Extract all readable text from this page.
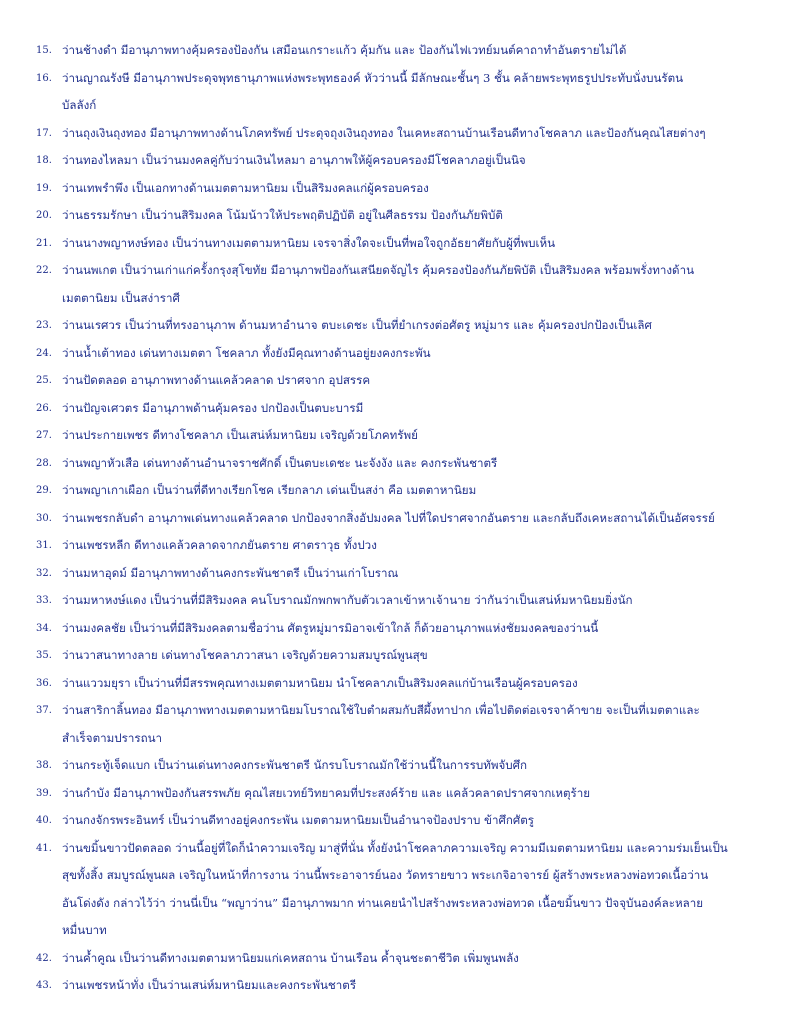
15. ว่านช้างดำ มีอานุภาพทางคุ้มครองป้องกัน เสมือนเกราะแก้ว คุ้มกัน และ ป้องกันไฟเวทย์มนต์คาถาทำอันตรายไม่ได้
16. ว่านญาณรังษี มีอานุภาพประดุจพุทธานุภาพแห่งพระพุทธองค์ หัวว่านนี้ มีลักษณะชั้นๆ 3 ชั้น คล้ายพระพุทธรูปประทับนั่งบนรัตน
บัลลังก์
17. ว่านถุงเงินถุงทอง มีอานุภาพทางด้านโภคทรัพย์ ประดุจถุงเงินถุงทอง ในเคหะสถานบ้านเรือนดีทางโชคลาภ และป้องกันคุณไสยต่างๆ
18. ว่านทองไหลมา เป็นว่านมงคลคู่กับว่านเงินไหลมา อานุภาพให้ผู้ครอบครองมีโชคลาภอยู่เป็นนิจ
19. ว่านเทพรำพึง เป็นเอกทางด้านเมตตามหานิยม เป็นสิริมงคลแก่ผู้ครอบครอง
20. ว่านธรรมรักษา เป็นว่านสิริมงคล โน้มน้าวให้ประพฤติปฏิบัติ อยู่ในศีลธรรม ป้องกันภัยพิบัติ
21. ว่านนางพญาหงษ์ทอง เป็นว่านทางเมตตามหานิยม เจรจาสิ่งใดจะเป็นที่พอใจถูกอัธยาศัยกับผู้ที่พบเห็น
22. ว่านนพเกต เป็นว่านเก่าแก่ครั้งกรุงสุโขทัย มีอานุภาพป้องกันเสนียดจัญไร คุ้มครองป้องกันภัยพิบัติ เป็นสิริมงคล พร้อมพรั่งทางด้าน
เมตตานิยม เป็นสง่าราศี
23. ว่านนเรศวร เป็นว่านที่ทรงอานุภาพ ด้านมหาอำนาจ ตบะเดชะ เป็นที่ยำเกรงต่อศัตรู หมู่มาร และ คุ้มครองปกป้องเป็นเลิศ
24. ว่านน้ำเต้าทอง เด่นทางเมตตา โชคลาภ ทั้งยังมีคุณทางด้านอยู่ยงคงกระพัน
25. ว่านปัดตลอด อานุภาพทางด้านแคล้วคลาด ปราศจาก อุปสรรค
26. ว่านปัญจเศวตร มีอานุภาพด้านคุ้มครอง ปกป้องเป็นตบะบารมี
27. ว่านประกายเพชร ดีทางโชคลาภ เป็นเสน่ห์มหานิยม เจริญด้วยโภคทรัพย์
28. ว่านพญาหัวเสือ เด่นทางด้านอำนาจราชศักดิ์ เป็นตบะเดชะ นะจังงัง และ คงกระพันชาตรี
29. ว่านพญาเกาเผือก เป็นว่านที่ดีทางเรียกโชค เรียกลาภ เด่นเป็นสง่า คือ เมตตาหานิยม
30. ว่านเพชรกลับดำ อานุภาพเด่นทางแคล้วคลาด ปกป้องจากสิ่งอัปมงคล ไปที่ใดปราศจากอันตราย และกลับถึงเคหะสถานได้เป็นอัศจรรย์
31. ว่านเพชรหลีก ดีทางแคล้วคลาดจากภยันตราย ศาตราวุธ ทั้งปวง
32. ว่านมหาอุดม์ มีอานุภาพทางด้านคงกระพันชาตรี เป็นว่านเก่าโบราณ
33. ว่านมหาหงษ์แดง เป็นว่านที่มีสิริมงคล คนโบราณมักพกพากับตัวเวลาเข้าหาเจ้านาย ว่ากันว่าเป็นเสน่ห์มหานิยมยิ่งนัก
34. ว่านมงคลชัย เป็นว่านที่มีสิริมงคลตามชื่อว่าน ศัตรูหมู่มารมิอาจเข้าใกล้ ก็ด้วยอานุภาพแห่งชัยมงคลของว่านนี้
35. ว่านวาสนาทางลาย เด่นทางโชคลาภวาสนา เจริญด้วยความสมบูรณ์พูนสุข
36. ว่านแววมยุรา เป็นว่านที่มีสรรพคุณทางเมตตามหานิยม นำโชคลาภเป็นสิริมงคลแก่บ้านเรือนผู้ครอบครอง
37. ว่านสาริกาลิ้นทอง มีอานุภาพทางเมตตามหานิยมโบราณใช้ใบตำผสมกับสีผึ้งทาปาก เพื่อไปติดต่อเจรจาค้าขาย จะเป็นที่เมตตาและ
สำเร็จตามปรารถนา
38. ว่านกระทู้เจ็ดแบก เป็นว่านเด่นทางคงกระพันชาตรี นักรบโบราณมักใช้ว่านนี้ในการรบทัพจับศึก
39. ว่านกำบัง มีอานุภาพป้องกันสรรพภัย คุณไสยเวทย์วิทยาคมที่ประสงค์ร้าย และ แคล้วคลาดปราศจากเหตุร้าย
40. ว่านกงจักรพระอินทร์ เป็นว่านดีทางอยู่คงกระพัน เมตตามหานิยมเป็นอำนาจป้องปราบ ข้าศึกศัตรู
41. ว่านขมิ้นขาวปัดตลอด ว่านนี้อยู่ที่ใดก็นำความเจริญ มาสู่ที่นั่น ทั้งยังนำโชคลาภความเจริญ ความมีเมตตามหานิยม และความร่มเย็นเป็น
สุขทั้งสิ้ง สมบูรณ์พูนผล เจริญในหน้าที่การงาน ว่านนี้พระอาจารย์นอง วัดทรายขาว พระเกจิอาจารย์ ผู้สร้างพระหลวงพ่อทวดเนื้อว่าน
อันโด่งดัง กล่าวไว้ว่า ว่านนี่เป็น “พญาว่าน” มีอานุภาพมาก ท่านเคยนำไปสร้างพระหลวงพ่อทวด เนื้อขมิ้นขาว ปัจจุบันองค์ละหลาย
หมื่นบาท
42. ว่านค้ำคูณ เป็นว่านดีทางเมตตามหานิยมแก่เคหสถาน บ้านเรือน ค้ำจุนชะตาชีวิต เพิ่มพูนพลัง
43. ว่านเพชรหน้าทั่ง เป็นว่านเสน่ห์มหานิยมและคงกระพันชาตรี
